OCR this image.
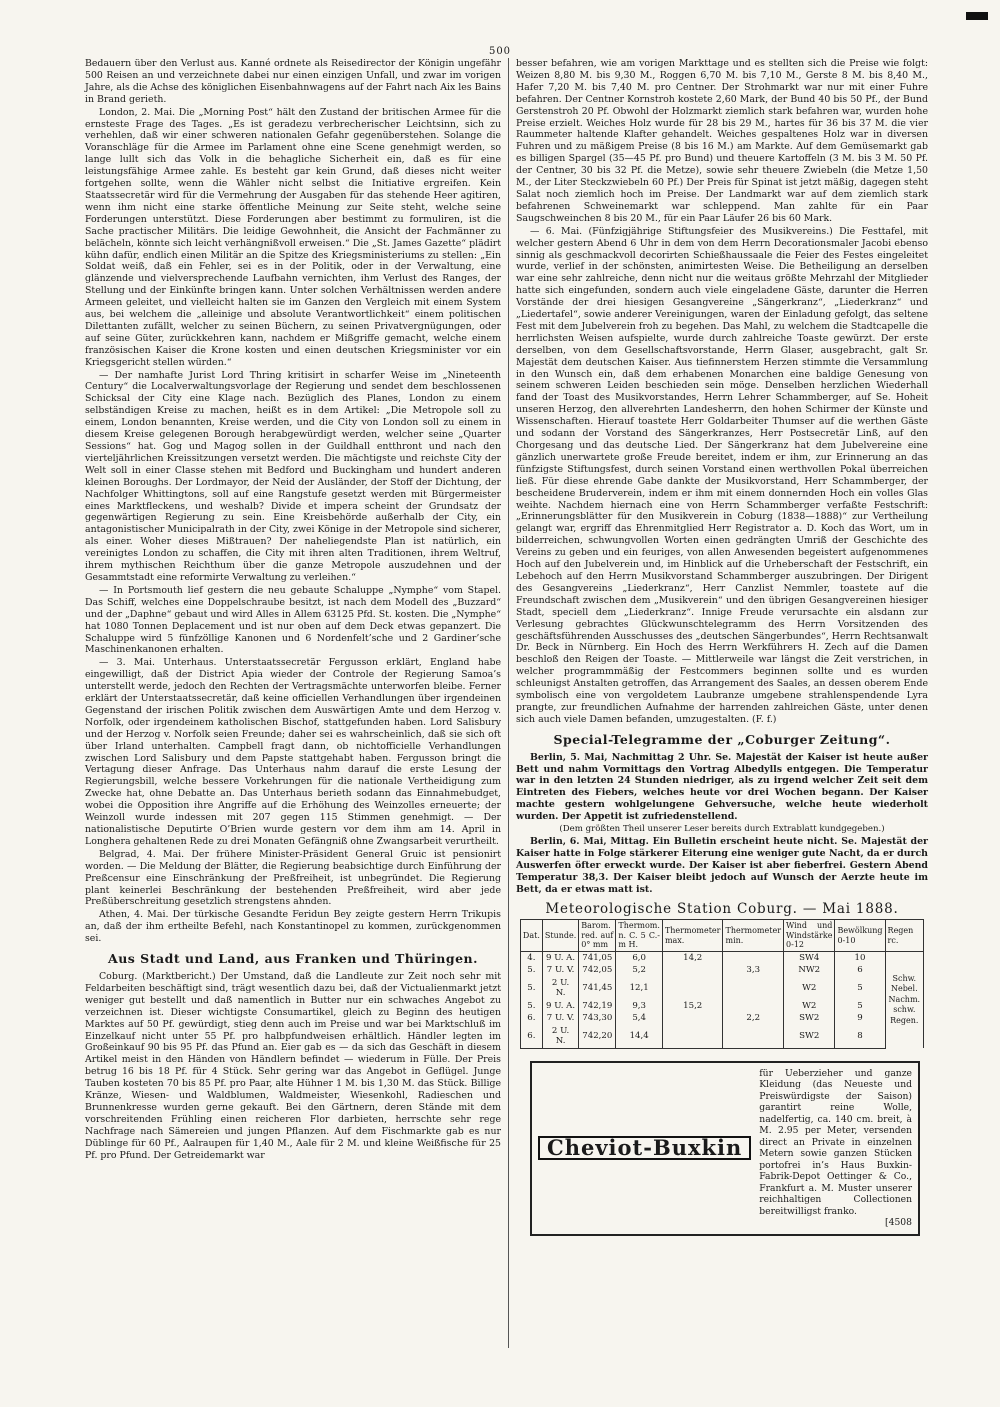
500

Bedauern über den Verlust aus. Kanné ordnete als Reisedirector der Königin ungefähr 500 Reisen an und verzeichnete dabei nur einen einzigen Unfall, und zwar im vorigen Jahre, als die Achse des königlichen Eisenbahnwagens auf der Fahrt nach Aix les Bains in Brand gerieth.

London, 2. Mai. Die „Morning Post“ hält den Zustand der britischen Armee für die ernsteste Frage des Tages. „Es ist geradezu verbrecherischer Leichtsinn, sich zu verhehlen, daß wir einer schweren nationalen Gefahr gegenüberstehen. Solange die Voranschläge für die Armee im Parlament ohne eine Scene genehmigt werden, so lange lullt sich das Volk in die behagliche Sicherheit ein, daß es für eine leistungsfähige Armee zahle. Es besteht gar kein Grund, daß dieses nicht weiter fortgehen sollte, wenn die Wähler nicht selbst die Initiative ergreifen. Kein Staatssecretär wird für die Vermehrung der Ausgaben für das stehende Heer agitiren, wenn ihm nicht eine starke öffentliche Meinung zur Seite steht, welche seine Forderungen unterstützt. Diese Forderungen aber bestimmt zu formuliren, ist die Sache practischer Militärs. Die leidige Gewohnheit, die Ansicht der Fachmänner zu belächeln, könnte sich leicht verhängnißvoll erweisen.“ Die „St. James Gazette“ plädirt kühn dafür, endlich einen Militär an die Spitze des Kriegsministeriums zu stellen: „Ein Soldat weiß, daß ein Fehler, sei es in der Politik, oder in der Verwaltung, eine glänzende und vielversprechende Laufbahn vernichten, ihm Verlust des Ranges, der Stellung und der Einkünfte bringen kann. Unter solchen Verhältnissen werden andere Armeen geleitet, und vielleicht halten sie im Ganzen den Vergleich mit einem System aus, bei welchem die „alleinige und absolute Verantwortlichkeit“ einem politischen Dilettanten zufällt, welcher zu seinen Büchern, zu seinen Privatvergnügungen, oder auf seine Güter, zurückkehren kann, nachdem er Mißgriffe gemacht, welche einem französischen Kaiser die Krone kosten und einen deutschen Kriegsminister vor ein Kriegsgericht stellen würden.“

— Der namhafte Jurist Lord Thring kritisirt in scharfer Weise im „Nineteenth Century“ die Localverwaltungsvorlage der Regierung und sendet dem beschlossenen Schicksal der City eine Klage nach. Bezüglich des Planes, London zu einem selbständigen Kreise zu machen, heißt es in dem Artikel: „Die Metropole soll zu einem, London benannten, Kreise werden, und die City von London soll zu einem in diesem Kreise gelegenen Borough herabgewürdigt werden, welcher seine „Quarter Sessions“ hat. Gog und Magog sollen in der Guildhall entthront und nach den vierteljährlichen Kreissitzungen versetzt werden. Die mächtigste und reichste City der Welt soll in einer Classe stehen mit Bedford und Buckingham und hundert anderen kleinen Boroughs. Der Lordmayor, der Neid der Ausländer, der Stoff der Dichtung, der Nachfolger Whittingtons, soll auf eine Rangstufe gesetzt werden mit Bürgermeister eines Marktfleckens, und weshalb? Divide et impera scheint der Grundsatz der gegenwärtigen Regierung zu sein. Eine Kreisbehörde außerhalb der City, ein antagonistischer Municipalrath in der City, zwei Könige in der Metropole sind sicherer, als einer. Woher dieses Mißtrauen? Der naheliegendste Plan ist natürlich, ein vereinigtes London zu schaffen, die City mit ihren alten Traditionen, ihrem Weltruf, ihrem mythischen Reichthum über die ganze Metropole auszudehnen und der Gesammtstadt eine reformirte Verwaltung zu verleihen.“

— In Portsmouth lief gestern die neu gebaute Schaluppe „Nymphe“ vom Stapel. Das Schiff, welches eine Doppelschraube besitzt, ist nach dem Modell des „Buzzard“ und der „Daphne“ gebaut und wird Alles in Allem 63125 Pfd. St. kosten. Die „Nymphe“ hat 1080 Tonnen Deplacement und ist nur oben auf dem Deck etwas gepanzert. Die Schaluppe wird 5 fünfzöllige Kanonen und 6 Nordenfelt’sche und 2 Gardiner’sche Maschinenkanonen erhalten.

— 3. Mai. Unterhaus. Unterstaatssecretär Fergusson erklärt, England habe eingewilligt, daß der District Apia wieder der Controle der Regierung Samoa’s unterstellt werde, jedoch den Rechten der Vertragsmächte unterworfen bleibe. Ferner erklärt der Unterstaatssecretär, daß keine officiellen Verhandlungen über irgendeinen Gegenstand der irischen Politik zwischen dem Auswärtigen Amte und dem Herzog v. Norfolk, oder irgendeinem katholischen Bischof, stattgefunden haben. Lord Salisbury und der Herzog v. Norfolk seien Freunde; daher sei es wahrscheinlich, daß sie sich oft über Irland unterhalten. Campbell fragt dann, ob nichtofficielle Verhandlungen zwischen Lord Salisbury und dem Papste stattgehabt haben. Fergusson bringt die Vertagung dieser Anfrage. Das Unterhaus nahm darauf die erste Lesung der Regierungsbill, welche bessere Vorkehrungen für die nationale Vertheidigung zum Zwecke hat, ohne Debatte an. Das Unterhaus berieth sodann das Einnahmebudget, wobei die Opposition ihre Angriffe auf die Erhöhung des Weinzolles erneuerte; der Weinzoll wurde indessen mit 207 gegen 115 Stimmen genehmigt. — Der nationalistische Deputirte O’Brien wurde gestern vor dem ihm am 14. April in Longhera gehaltenen Rede zu drei Monaten Gefängniß ohne Zwangsarbeit verurtheilt.

Belgrad, 4. Mai. Der frühere Minister-Präsident General Gruic ist pensionirt worden. — Die Meldung der Blätter, die Regierung beabsichtige durch Einführung der Preßcensur eine Einschränkung der Preßfreiheit, ist unbegründet. Die Regierung plant keinerlei Beschränkung der bestehenden Preßfreiheit, wird aber jede Preßüberschreitung gesetzlich strengstens ahnden.

Athen, 4. Mai. Der türkische Gesandte Feridun Bey zeigte gestern Herrn Trikupis an, daß der ihm ertheilte Befehl, nach Konstantinopel zu kommen, zurückgenommen sei.

Aus Stadt und Land, aus Franken und Thüringen.

Coburg. (Marktbericht.) Der Umstand, daß die Landleute zur Zeit noch sehr mit Feldarbeiten beschäftigt sind, trägt wesentlich dazu bei, daß der Victualienmarkt jetzt weniger gut bestellt und daß namentlich in Butter nur ein schwaches Angebot zu verzeichnen ist. Dieser wichtigste Consumartikel, gleich zu Beginn des heutigen Marktes auf 50 Pf. gewürdigt, stieg denn auch im Preise und war bei Marktschluß im Einzelkauf nicht unter 55 Pf. pro halbpfundweisen erhältlich. Händler legten im Großeinkauf 90 bis 95 Pf. das Pfund an. Eier gab es — da sich das Geschäft in diesem Artikel meist in den Händen von Händlern befindet — wiederum in Fülle. Der Preis betrug 16 bis 18 Pf. für 4 Stück. Sehr gering war das Angebot in Geflügel. Junge Tauben kosteten 70 bis 85 Pf. pro Paar, alte Hühner 1 M. bis 1,30 M. das Stück. Billige Kränze, Wiesen- und Waldblumen, Waldmeister, Wiesenkohl, Radieschen und Brunnenkresse wurden gerne gekauft. Bei den Gärtnern, deren Stände mit dem vorschreitenden Frühling einen reicheren Flor darbieten, herrschte sehr rege Nachfrage nach Sämereien und jungen Pflanzen. Auf dem Fischmarkte gab es nur Düblinge für 60 Pf., Aalraupen für 1,40 M., Aale für 2 M. und kleine Weißfische für 25 Pf. pro Pfund. Der Getreidemarkt war

besser befahren, wie am vorigen Markttage und es stellten sich die Preise wie folgt: Weizen 8,80 M. bis 9,30 M., Roggen 6,70 M. bis 7,10 M., Gerste 8 M. bis 8,40 M., Hafer 7,20 M. bis 7,40 M. pro Centner. Der Strohmarkt war nur mit einer Fuhre befahren. Der Centner Kornstroh kostete 2,60 Mark, der Bund 40 bis 50 Pf., der Bund Gerstenstroh 20 Pf. Obwohl der Holzmarkt ziemlich stark befahren war, wurden hohe Preise erzielt. Weiches Holz wurde für 28 bis 29 M., hartes für 36 bis 37 M. die vier Raummeter haltende Klafter gehandelt. Weiches gespaltenes Holz war in diversen Fuhren und zu mäßigem Preise (8 bis 16 M.) am Markte. Auf dem Gemüsemarkt gab es billigen Spargel (35—45 Pf. pro Bund) und theuere Kartoffeln (3 M. bis 3 M. 50 Pf. der Centner, 30 bis 32 Pf. die Metze), sowie sehr theuere Zwiebeln (die Metze 1,50 M., der Liter Steckzwiebeln 60 Pf.) Der Preis für Spinat ist jetzt mäßig, dagegen steht Salat noch ziemlich hoch im Preise. Der Landmarkt war auf dem ziemlich stark befahrenen Schweinemarkt war schleppend. Man zahlte für ein Paar Saugschweinchen 8 bis 20 M., für ein Paar Läufer 26 bis 60 Mark.

— 6. Mai. (Fünfzigjährige Stiftungsfeier des Musikvereins.) Die Festtafel, mit welcher gestern Abend 6 Uhr in dem von dem Herrn Decorationsmaler Jacobi ebenso sinnig als geschmackvoll decorirten Schießhaussaale die Feier des Festes eingeleitet wurde, verlief in der schönsten, animirtesten Weise. Die Betheiligung an derselben war eine sehr zahlreiche, denn nicht nur die weitaus größte Mehrzahl der Mitglieder hatte sich eingefunden, sondern auch viele eingeladene Gäste, darunter die Herren Vorstände der drei hiesigen Gesangvereine „Sängerkranz“, „Liederkranz“ und „Liedertafel“, sowie anderer Vereinigungen, waren der Einladung gefolgt, das seltene Fest mit dem Jubelverein froh zu begehen. Das Mahl, zu welchem die Stadtcapelle die herrlichsten Weisen aufspielte, wurde durch zahlreiche Toaste gewürzt. Der erste derselben, von dem Gesellschaftsvorstande, Herrn Glaser, ausgebracht, galt Sr. Majestät dem deutschen Kaiser. Aus tiefinnerstem Herzen stimmte die Versammlung in den Wunsch ein, daß dem erhabenen Monarchen eine baldige Genesung von seinem schweren Leiden beschieden sein möge. Denselben herzlichen Wiederhall fand der Toast des Musikvorstandes, Herrn Lehrer Schammberger, auf Se. Hoheit unseren Herzog, den allverehrten Landesherrn, den hohen Schirmer der Künste und Wissenschaften. Hierauf toastete Herr Goldarbeiter Thumser auf die werthen Gäste und sodann der Vorstand des Sängerkranzes, Herr Postsecretär Linß, auf den Chorgesang und das deutsche Lied. Der Sängerkranz hat dem Jubelvereine eine gänzlich unerwartete große Freude bereitet, indem er ihm, zur Erinnerung an das fünfzigste Stiftungsfest, durch seinen Vorstand einen werthvollen Pokal überreichen ließ. Für diese ehrende Gabe dankte der Musikvorstand, Herr Schammberger, der bescheidene Bruderverein, indem er ihm mit einem donnernden Hoch ein volles Glas weihte. Nachdem hiernach eine von Herrn Schammberger verfaßte Festschrift: „Erinnerungsblätter für den Musikverein in Coburg (1838—1888)“ zur Vertheilung gelangt war, ergriff das Ehrenmitglied Herr Registrator a. D. Koch das Wort, um in bilderreichen, schwungvollen Worten einen gedrängten Umriß der Geschichte des Vereins zu geben und ein feuriges, von allen Anwesenden begeistert aufgenommenes Hoch auf den Jubelverein und, im Hinblick auf die Urheberschaft der Festschrift, ein Lebehoch auf den Herrn Musikvorstand Schammberger auszubringen. Der Dirigent des Gesangvereins „Liederkranz“, Herr Canzlist Nemmler, toastete auf die Freundschaft zwischen dem „Musikverein“ und den übrigen Gesangvereinen hiesiger Stadt, speciell dem „Liederkranz“. Innige Freude verursachte ein alsdann zur Verlesung gebrachtes Glückwunschtelegramm des Herrn Vorsitzenden des geschäftsführenden Ausschusses des „deutschen Sängerbundes“, Herrn Rechtsanwalt Dr. Beck in Nürnberg. Ein Hoch des Herrn Werkführers H. Zech auf die Damen beschloß den Reigen der Toaste. — Mittlerweile war längst die Zeit verstrichen, in welcher programmmäßig der Festcommers beginnen sollte und es wurden schleunigst Anstalten getroffen, das Arrangement des Saales, an dessen oberem Ende symbolisch eine von vergoldetem Laubranze umgebene strahlenspendende Lyra prangte, zur freundlichen Aufnahme der harrenden zahlreichen Gäste, unter denen sich auch viele Damen befanden, umzugestalten. (F. f.)

Special-Telegramme der „Coburger Zeitung“.

Berlin, 5. Mai, Nachmittag 2 Uhr. Se. Majestät der Kaiser ist heute außer Bett und nahm Vormittags den Vortrag Albedylls entgegen. Die Temperatur war in den letzten 24 Stunden niedriger, als zu irgend welcher Zeit seit dem Eintreten des Fiebers, welches heute vor drei Wochen begann. Der Kaiser machte gestern wohlgelungene Gehversuche, welche heute wiederholt wurden. Der Appetit ist zufriedenstellend.

(Dem größten Theil unserer Leser bereits durch Extrablatt kundgegeben.)

Berlin, 6. Mai, Mittag. Ein Bulletin erscheint heute nicht. Se. Majestät der Kaiser hatte in Folge stärkerer Eiterung eine weniger gute Nacht, da er durch Auswerfen öfter erweckt wurde. Der Kaiser ist aber fieberfrei. Gestern Abend Temperatur 38,3. Der Kaiser bleibt jedoch auf Wunsch der Aerzte heute im Bett, da er etwas matt ist.

Meteorologische Station Coburg. — Mai 1888.
Dat.	Stunde.	Barom. red. auf 0° mm	Thermom. n. C. 5 C.-m H.	Thermometer max.	Thermometer min.	Wind und Windstärke 0-12	Bewölkung 0-10	Regen rc.

4.	9 U. A.	741,05	6,0	14,2		SW4	10	Schw. Nebel. Nachm. schw. Regen.
5.	7 U. V.	742,05	5,2		3,3	NW2	6	
5.	2 U. N.	741,45	12,1			W2	5	
5.	9 U. A.	742,19	9,3	15,2		W2	5	
6.	7 U. V.	743,30	5,4		2,2	SW2	9	
6.	2 U. N.	742,20	14,4			SW2	8	
Cheviot-Buxkin
für Ueberzieher und ganze Kleidung (das Neueste und Preiswürdigste der Saison) garantirt reine Wolle, nadelfertig, ca. 140 cm. breit, à M. 2.95 per Meter, versenden direct an Private in einzelnen Metern sowie ganzen Stücken portofrei in’s Haus Buxkin-Fabrik-Depot Oettinger & Co., Frankfurt a. M. Muster unserer reichhaltigen Collectionen bereitwilligst franko.
[4508
